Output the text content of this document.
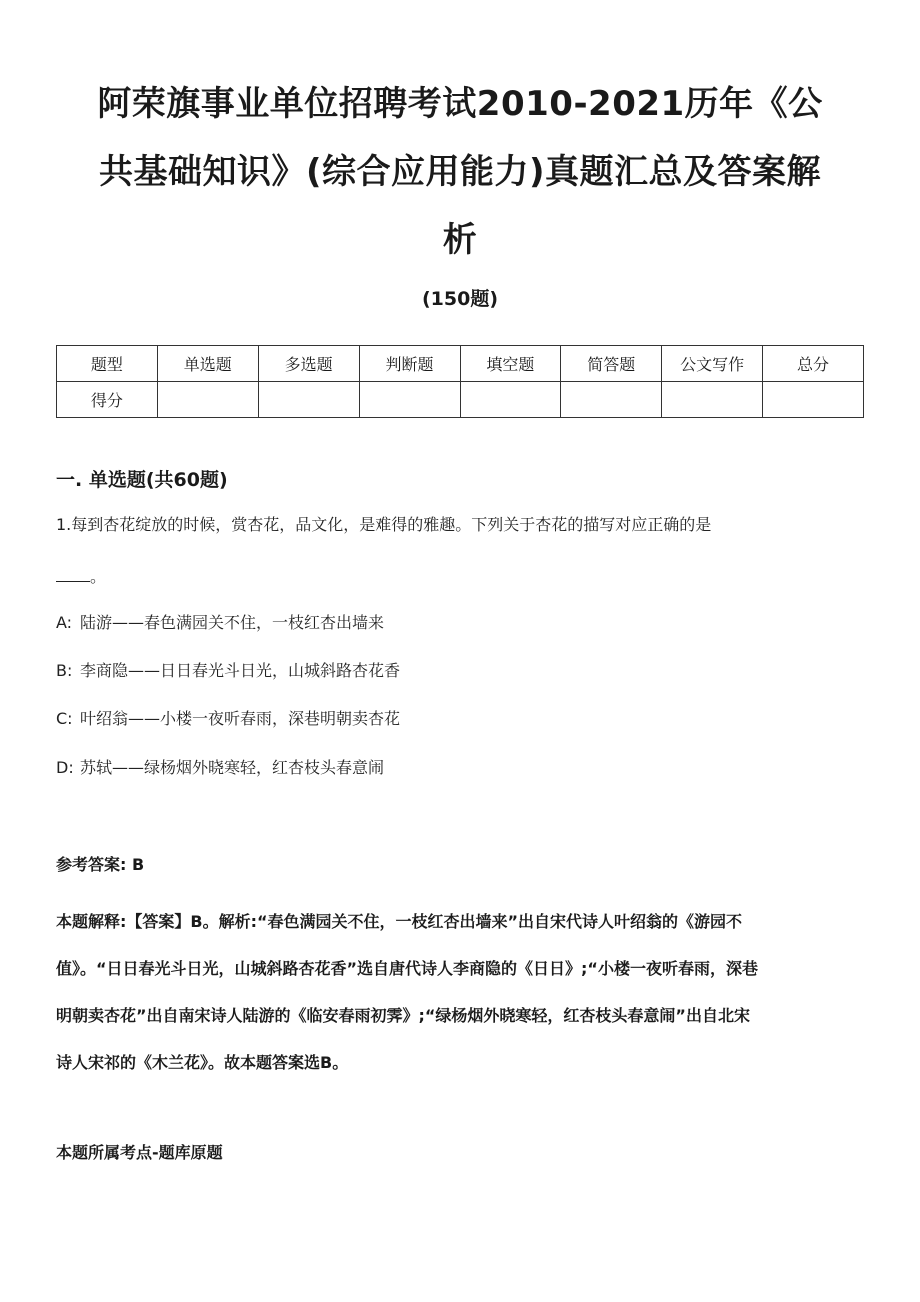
阿荣旗事业单位招聘考试2010-2021历年《公
共基础知识》(综合应用能力)真题汇总及答案解
析
(150题)
题型	单选题	多选题	判断题	填空题	简答题	公文写作	总分
得分							
一. 单选题(共60题)
1.每到杏花绽放的时候，赏杏花，品文化，是难得的雅趣。下列关于杏花的描写对应正确的是
。
A: 陆游——春色满园关不住，一枝红杏出墙来
B: 李商隐——日日春光斗日光，山城斜路杏花香
C: 叶绍翁——小楼一夜听春雨，深巷明朝卖杏花
D: 苏轼——绿杨烟外晓寒轻，红杏枝头春意闹
参考答案: B
本题解释:【答案】B。解析:“春色满园关不住，一枝红杏出墙来”出自宋代诗人叶绍翁的《游园不
值》。“日日春光斗日光，山城斜路杏花香”选自唐代诗人李商隐的《日日》;“小楼一夜听春雨，深巷
明朝卖杏花”出自南宋诗人陆游的《临安春雨初霁》;“绿杨烟外晓寒轻，红杏枝头春意闹”出自北宋
诗人宋祁的《木兰花》。故本题答案选B。
本题所属考点-题库原题
